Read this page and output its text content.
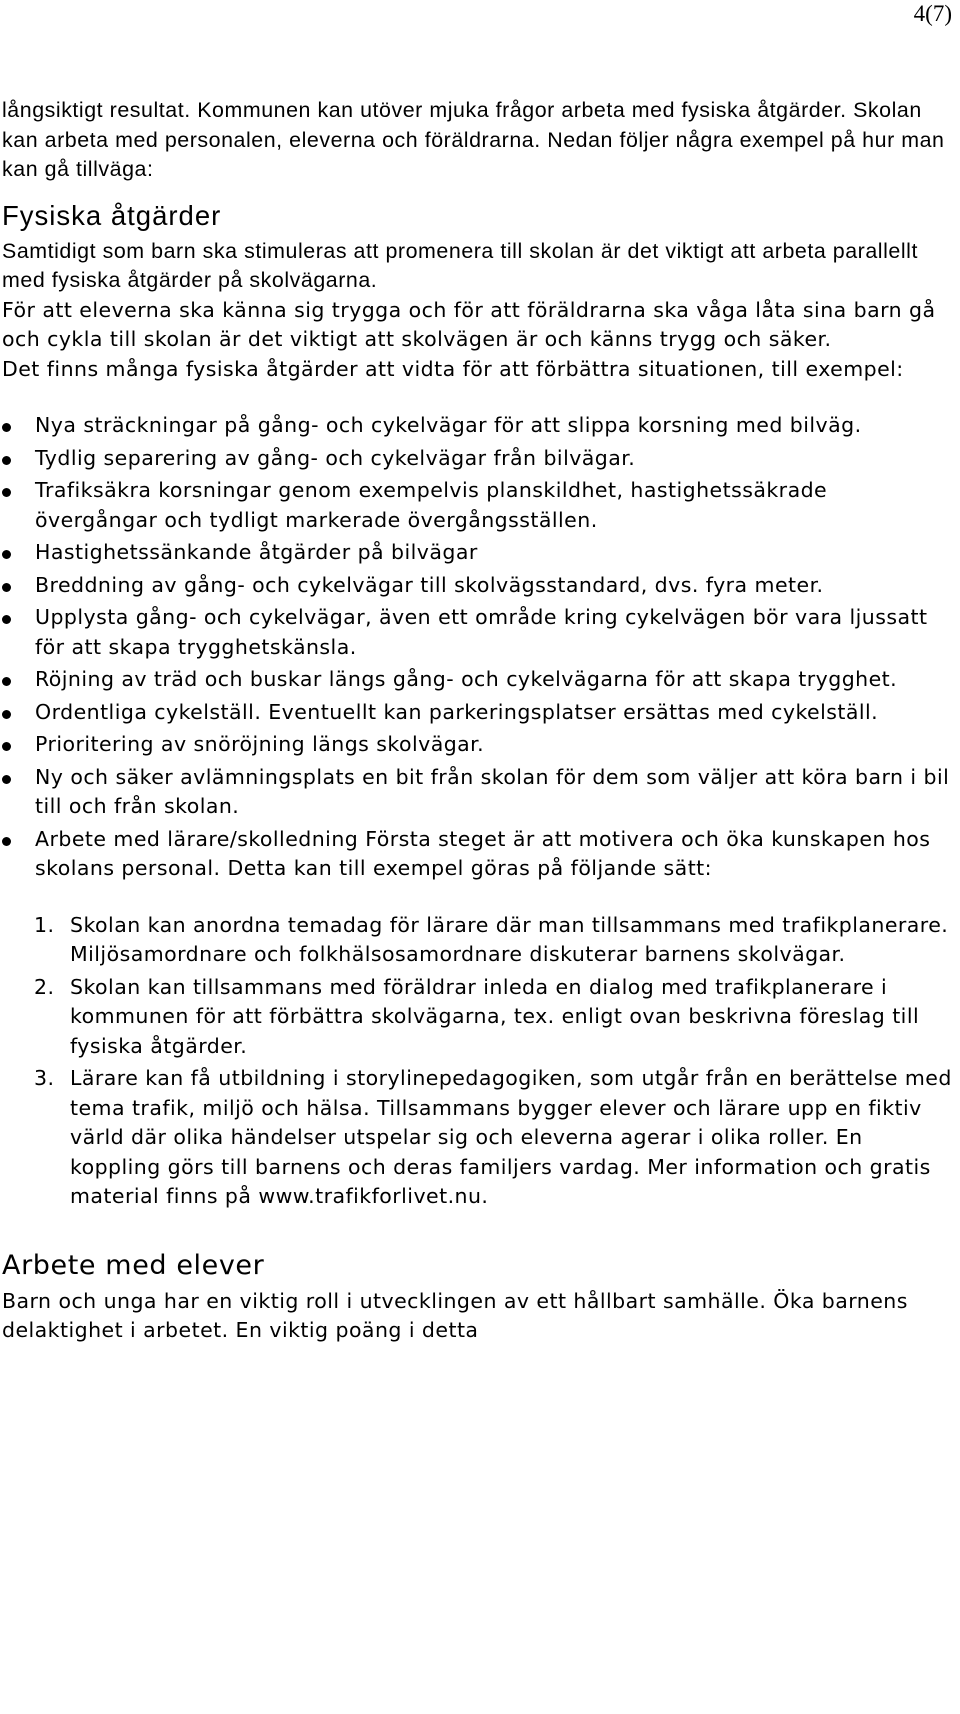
4(7)

långsiktigt resultat. Kommunen kan utöver mjuka frågor arbeta med fysiska åtgärder. Skolan kan arbeta med personalen, eleverna och föräldrarna. Nedan följer några exempel på hur man kan gå tillväga:

Fysiska åtgärder

Samtidigt som barn ska stimuleras att promenera till skolan är det viktigt att arbeta parallellt med fysiska åtgärder på skolvägarna.

För att eleverna ska känna sig trygga och för att föräldrarna ska våga låta sina barn gå och cykla till skolan är det viktigt att skolvägen är och känns trygg och säker.

Det finns många fysiska åtgärder att vidta för att förbättra situationen, till exempel:

Nya sträckningar på gång- och cykelvägar för att slippa korsning med bilväg.
Tydlig separering av gång- och cykelvägar från bilvägar.
Trafiksäkra korsningar genom exempelvis planskildhet, hastighetssäkrade övergångar och tydligt markerade övergångsställen.
Hastighetssänkande åtgärder på bilvägar
Breddning av gång- och cykelvägar till skolvägsstandard, dvs. fyra meter.
Upplysta gång- och cykelvägar, även ett område kring cykelvägen bör vara ljussatt för att skapa trygghetskänsla.
Röjning av träd och buskar längs gång- och cykelvägarna för att skapa trygghet.
Ordentliga cykelställ. Eventuellt kan parkeringsplatser ersättas med cykelställ.
Prioritering av snöröjning längs skolvägar.
Ny och säker avlämningsplats en bit från skolan för dem som väljer att köra barn i bil till och från skolan.
Arbete med lärare/skolledning Första steget är att motivera och öka kunskapen hos skolans personal. Detta kan till exempel göras på följande sätt:
1. Skolan kan anordna temadag för lärare där man tillsammans med trafikplanerare. Miljösamordnare och folkhälsosamordnare diskuterar barnens skolvägar.
2. Skolan kan tillsammans med föräldrar inleda en dialog med trafikplanerare i kommunen för att förbättra skolvägarna, tex. enligt ovan beskrivna föreslag till fysiska åtgärder.
3. Lärare kan få utbildning i storylinepedagogiken, som utgår från en berättelse med tema trafik, miljö och hälsa. Tillsammans bygger elever och lärare upp en fiktiv värld där olika händelser utspelar sig och eleverna agerar i olika roller. En koppling görs till barnens och deras familjers vardag. Mer information och gratis material finns på www.trafikforlivet.nu.
Arbete med elever

Barn och unga har en viktig roll i utvecklingen av ett hållbart samhälle. Öka barnens delaktighet i arbetet. En viktig poäng i detta
